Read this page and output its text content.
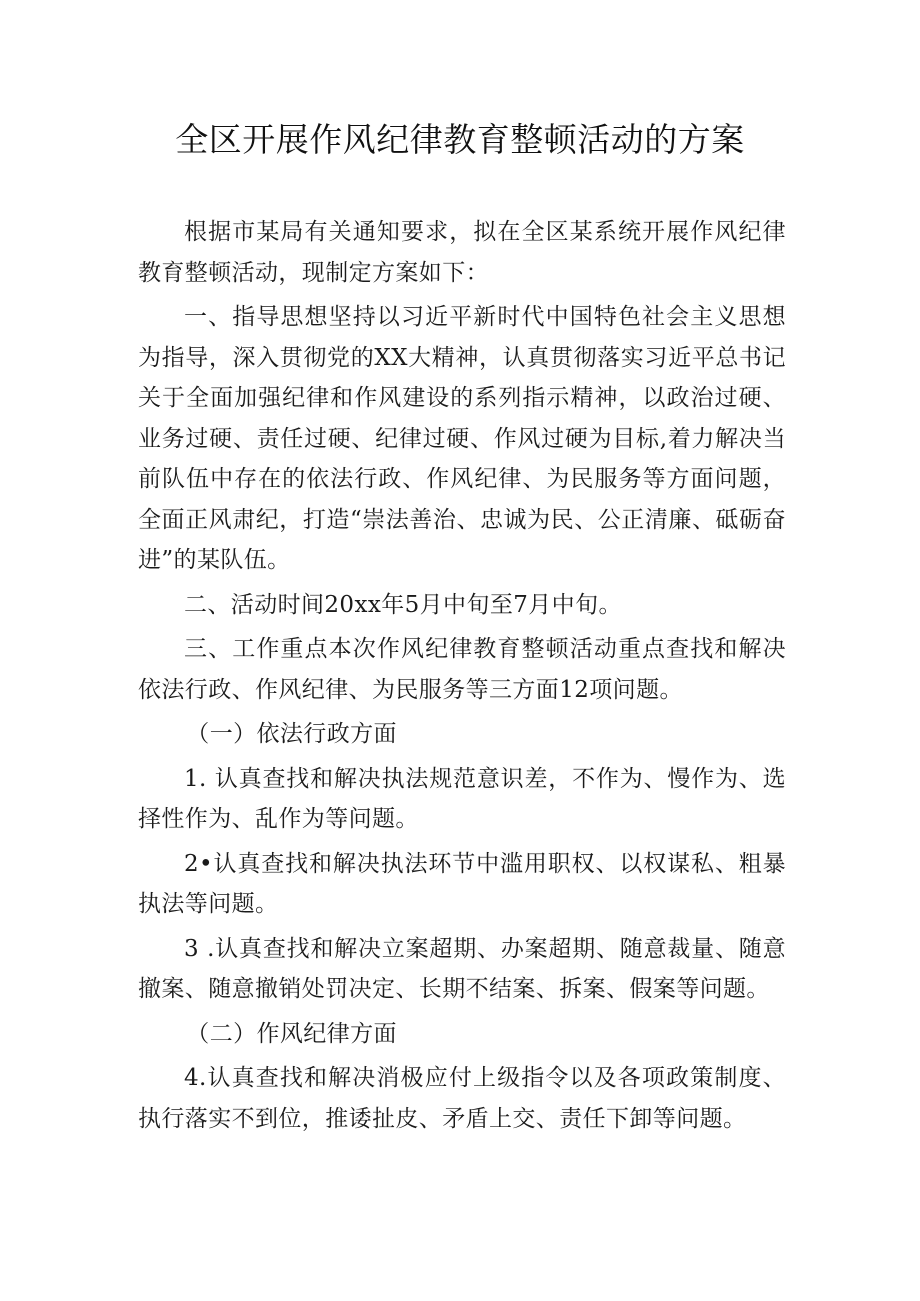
全区开展作风纪律教育整顿活动的方案

根据市某局有关通知要求，拟在全区某系统开展作风纪律教育整顿活动，现制定方案如下：

一、指导思想坚持以习近平新时代中国特色社会主义思想为指导，深入贯彻党的XX大精神，认真贯彻落实习近平总书记关于全面加强纪律和作风建设的系列指示精神，以政治过硬、业务过硬、责任过硬、纪律过硬、作风过硬为目标,着力解决当前队伍中存在的依法行政、作风纪律、为民服务等方面问题，全面正风肃纪，打造“崇法善治、忠诚为民、公正清廉、砥砺奋进”的某队伍。

二、活动时间20xx年5月中旬至7月中旬。

三、工作重点本次作风纪律教育整顿活动重点查找和解决依法行政、作风纪律、为民服务等三方面12项问题。

（一）依法行政方面

1. 认真查找和解决执法规范意识差，不作为、慢作为、选择性作为、乱作为等问题。

2•认真查找和解决执法环节中滥用职权、以权谋私、粗暴执法等问题。

3 .认真查找和解决立案超期、办案超期、随意裁量、随意撤案、随意撤销处罚决定、长期不结案、拆案、假案等问题。

（二）作风纪律方面

4.认真查找和解决消极应付上级指令以及各项政策制度、执行落实不到位，推诿扯皮、矛盾上交、责任下卸等问题。
